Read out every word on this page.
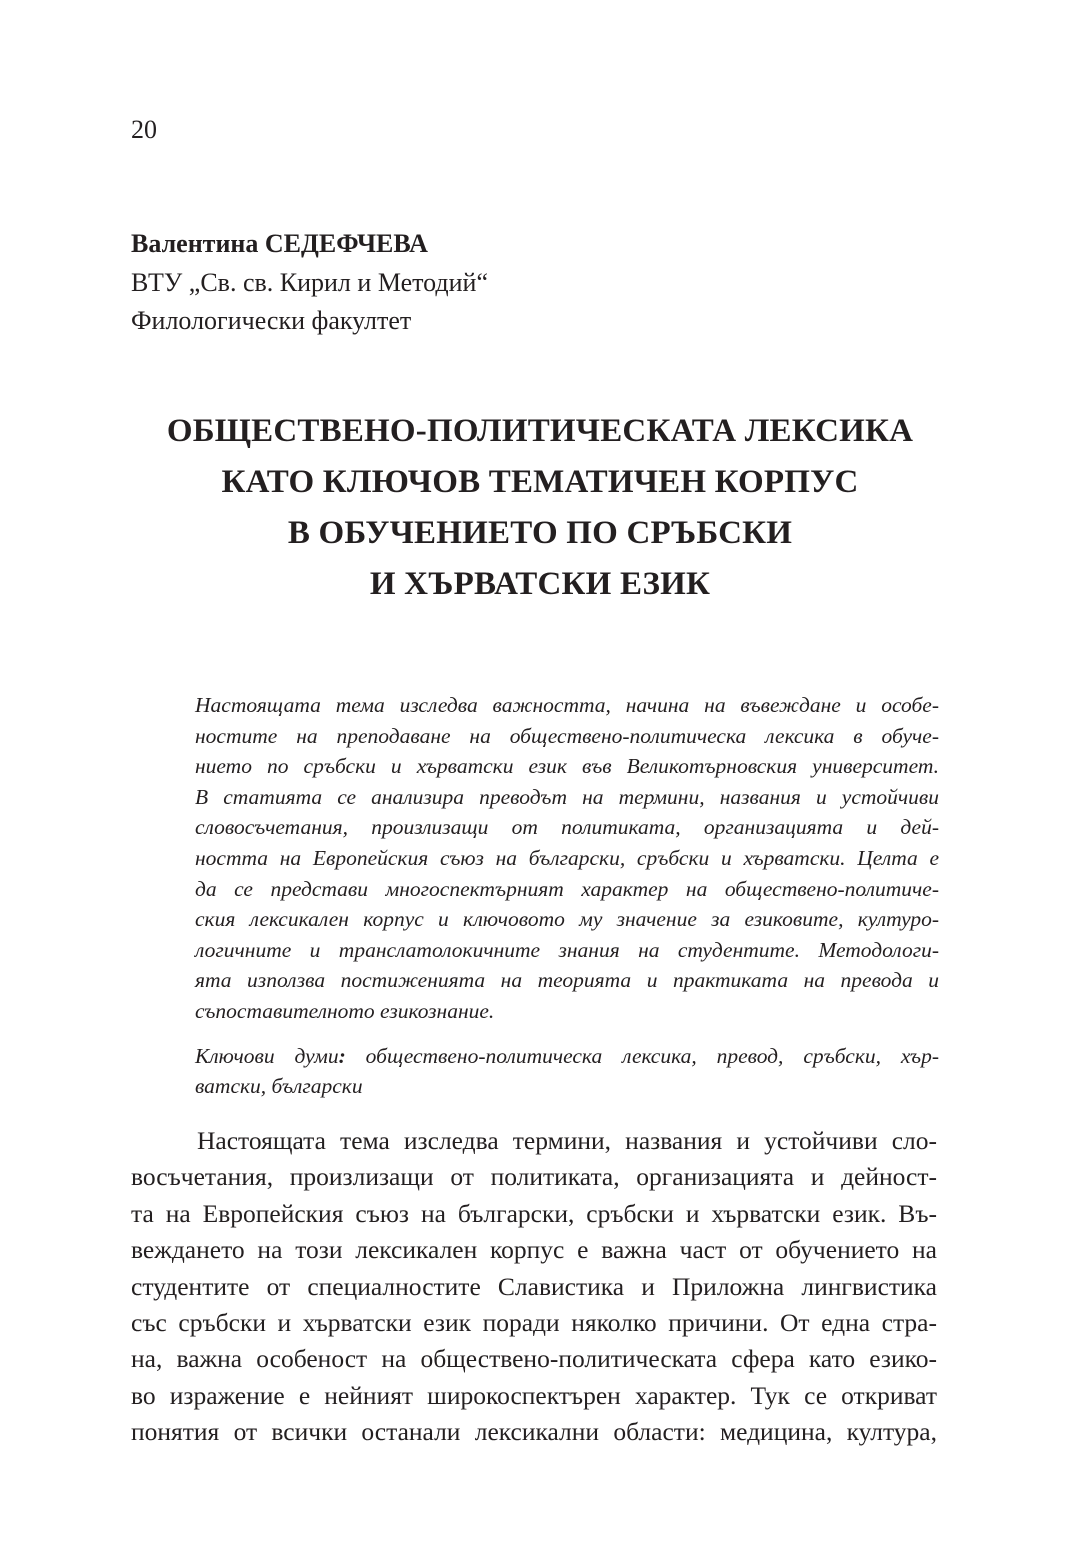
20

Валентина СЕДЕФЧЕВА

ВТУ „Св. св. Кирил и Методий“

Филологически факултет

ОБЩЕСТВЕНО-ПОЛИТИЧЕСКАТА ЛЕКСИКА

КАТО КЛЮЧОВ ТЕМАТИЧЕН КОРПУС

В ОБУЧЕНИЕТО ПО СРЪБСКИ

И ХЪРВАТСКИ ЕЗИК

Настоящата тема изследва важността, начина на въвеждане и особе-

ностите на преподаване на обществено-политическа лексика в обуче-

нието по сръбски и хърватски език във Великотърновския университет.

В статията се анализира преводът на термини, названия и устойчиви

словосъчетания, произлизащи от политиката, организацията и дей-

ността на Европейския съюз на български, сръбски и хърватски. Целта е

да се представи многоспектърният характер на обществено-политиче-

ския лексикален корпус и ключовото му значение за езиковите, културо-

логичните и транслатолокичните знания на студентите. Методологи-

ята използва постиженията на теорията и практиката на превода и

съпоставителното езикознание.

Ключови думи: обществено-политическа лексика, превод, сръбски, хър-

ватски, български

Настоящата тема изследва термини, названия и устойчиви сло-

восъчетания, произлизащи от политиката, организацията и дейност-

та на Европейския съюз на български, сръбски и хърватски език. Въ-

веждането на този лексикален корпус е важна част от обучението на

студентите от специалностите Славистика и Приложна лингвистика

със сръбски и хърватски език поради няколко причини. От една стра-

на, важна особеност на обществено-политическата сфера като езико-

во изражение е нейният широкоспектърен характер. Тук се откриват

понятия от всички останали лексикални области: медицина, култура,
